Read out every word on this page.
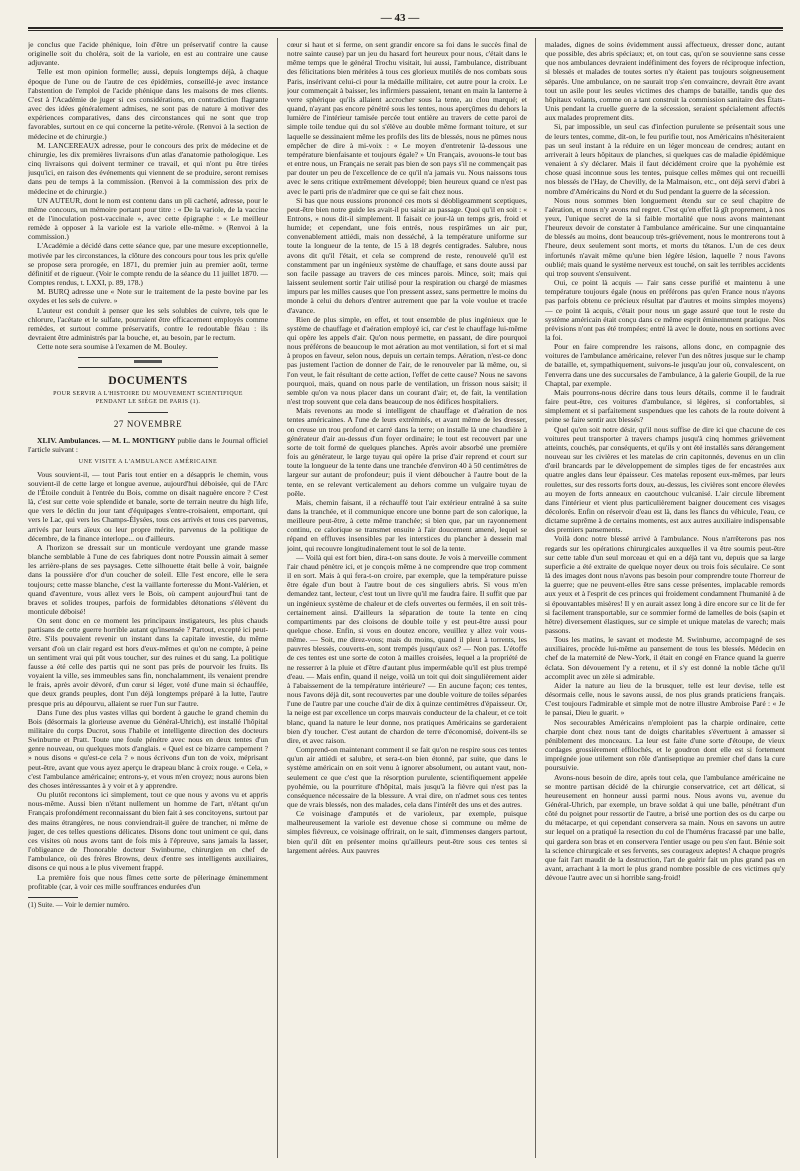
— 43 —

je conclus que l'acide phénique, loin d'être un préservatif contre la cause originelle soit du choléra, soit de la variole, en est au contraire une cause adjuvante.

Telle est mon opinion formelle; aussi, depuis longtemps déjà, à chaque époque de l'une ou de l'autre de ces épidémies, conseillé-je avec instance l'abstention de l'emploi de l'acide phénique dans les maisons de mes clients. C'est à l'Académie de juger si ces considérations, en contradiction flagrante avec des idées généralement admises, ne sont pas de nature à motiver des expériences comparatives, dans des circonstances qui ne sont que trop favorables, surtout en ce qui concerne la petite-vérole. (Renvoi à la section de médecine et de chirurgie.)

M. LANCEREAUX adresse, pour le concours des prix de médecine et de chirurgie, les dix premières livraisons d'un atlas d'anatomie pathologique. Les cinq livraisons qui doivent terminer ce travail, et qui n'ont pu être tirées jusqu'ici, en raison des événements qui viennent de se produire, seront remises dans peu de temps à la commission. (Renvoi à la commission des prix de médecine et de chirurgie.)

UN AUTEUR, dont le nom est contenu dans un pli cacheté, adresse, pour le même concours, un mémoire portant pour titre : « De la variole, de la vaccine et de l'inoculation post-vaccinale », avec cette épigraphe : « Le meilleur remède à opposer à la variole est la variole elle-même. » (Renvoi à la commission.)

L'Académie a décidé dans cette séance que, par une mesure exceptionnelle, motivée par les circonstances, la clôture des concours pour tous les prix qu'elle se propose sera prorogée, en 1871, du premier juin au premier août, terme définitif et de rigueur. (Voir le compte rendu de la séance du 11 juillet 1870. — Comptes rendus, t. LXXI, p. 89, 178.)

M. BURQ adresse une « Note sur le traitement de la peste bovine par les oxydes et les sels de cuivre. »

L'auteur est conduit à penser que les sels solubles de cuivre, tels que le chlorure, l'acétate et le sulfate, pourraient être efficacement employés comme remèdes, et surtout comme préservatifs, contre le redoutable fléau : ils devraient être administrés par la bouche, et, au besoin, par le rectum.

Cette note sera soumise à l'examen de M. Bouley.

DOCUMENTS
POUR SERVIR A L'HISTOIRE DU MOUVEMENT SCIENTIFIQUE
PENDANT LE SIÉGE DE PARIS (1).
27 NOVEMBRE

XLIV. Ambulances. — M. L. MONTIGNY publie dans le Journal officiel l'article suivant :

UNE VISITE A L'AMBULANCE AMÉRICAINE

Vous souvient-il, — tout Paris tout entier en a désappris le chemin, vous souvient-il de cette large et longue avenue, aujourd'hui déboisée, qui de l'Arc de l'Étoile conduit à l'entrée du Bois, comme on disait naguère encore ? C'est là, c'est sur cette voie splendide et banale, sorte de terrain neutre du high life, que vers le déclin du jour tant d'équipages s'entre-croisaient, emportant, qui vers le Lac, qui vers les Champs-Élysées, tous ces arrivés et tous ces parvenus, arrivés par leurs aïeux ou leur propre mérite, parvenus de la politique de décembre, de la finance interlope... ou d'ailleurs.

A l'horizon se dressait sur un monticule verdoyant une grande masse blanche semblable à l'une de ces fabriques dont notre Poussin aimait à semer les arrière-plans de ses paysages. Cette silhouette était belle à voir, baignée dans la poussière d'or d'un coucher de soleil. Elle l'est encore, elle le sera toujours; cette masse blanche, c'est la vaillante forteresse du Mont-Valérien, et quand d'aventure, vous allez vers le Bois, où campent aujourd'hui tant de braves et solides troupes, parfois de formidables détonations s'élèvent du monticule déboisé!

On sent donc en ce moment les principaux instigateurs, les plus chauds partisans de cette guerre horrible autant qu'insensée ? Partout, excepté ici peut-être. S'ils pouvaient revenir un instant dans la capitale investie, du même versant d'où un clair regard est hors d'eux-mêmes et qu'on ne compte, à peine un sentiment vrai qui pût vous toucher, sur des ruines et du sang. La politique fausse a été celle des partis qui ne sont pas près de pourvoir les fruits. Ils voyaient la ville, ses immeubles sans fin, nonchalamment, ils venaient prendre le frais, après avoir dévoré, d'un cœur si léger, voté d'une main si échauffée, que deux grands peuples, dont l'un déjà longtemps préparé à la lutte, l'autre presque pris au dépourvu, allaient se ruer l'un sur l'autre.

Dans l'une des plus vastes villas qui bordent à gauche le grand chemin du Bois (désormais la glorieuse avenue du Général-Uhrich), est installé l'hôpital militaire du corps Ducrot, sous l'habile et intelligente direction des docteurs Swinburne et Pratt. Toute une foule pénétre avec nous en deux tentes d'un genre nouveau, ou quelques mots d'anglais. « Quel est ce bizarre campement ? » nous disons « qu'est-ce cela ? » nous écrivons d'un ton de voix, méprisant peut-être, avant que vous ayez aperçu le drapeau blanc à croix rouge. « Cela, » c'est l'ambulance américaine; entrons-y, et vous m'en croyez; nous aurons bien des choses intéressantes à y voir et à y apprendre.

Ou plutôt recontons ici simplement, tout ce que nous y avons vu et appris nous-même. Aussi bien n'étant nullement un homme de l'art, n'étant qu'un Français profondément reconnaissant du bien fait à ses concitoyens, surtout par des mains étrangères, ne nous conviendrait-il guère de trancher, ni même de juger, de ces telles questions délicates. Disons donc tout uniment ce qui, dans ces visites où nous avons tant de fois mis à l'épreuve, sans jamais la lasser, l'obligeance de l'honorable docteur Swinburne, chirurgien en chef de l'ambulance, où des frères Browns, deux d'entre ses intelligents auxiliaires, disons ce qui nous a le plus vivement frappé.

La première fois que nous fîmes cette sorte de pèlerinage éminemment profitable (car, à voir ces mille souffrances endurées d'un

(1) Suite. — Voir le dernier numéro.

cœur si haut et si ferme, on sent grandir encore sa foi dans le succès final de notre sainte cause) par un jeu du hasard fort heureux pour nous, c'était dans le même temps que le général Trochu visitait, lui aussi, l'ambulance, distribuant des félicitations bien méritées à tous ces glorieux mutilés de nos combats sous Paris, insérivant celui-ci pour la médaille militaire, cet autre pour la croix. Le jour commençait à baisser, les infirmiers passaient, tenant en main la lanterne à verre sphérique qu'ils allaient accrocher sous la tente, au clou marqué; et quand, n'ayant pas encore pénétré sous les tentes, nous aperçûmes du dehors la lumière de l'intérieur tamisée percée tout entière au travers de cette paroi de simple toile tendue qui du sol s'élève au double même formant toiture, et sur laquelle se dessinaient même les profils des lits de blessés, nous ne pûmes nous empêcher de dire à mi-voix : « Le moyen d'entretenir là-dessous une température bienfaisante et toujours égale? » Un Français, avouons-le tout bas et entre nous, un Français ne serait pas bien de son pays s'il ne commençait pas par douter un peu de l'excellence de ce qu'il n'a jamais vu. Nous naissons tous avec le sens critique extrêmement développé; bien heureux quand ce n'est pas avec le parti pris de n'admirer que ce qui se fait chez nous.

Si bas que nous eussions prononcé ces mots si déobligeamment sceptiques, peut-être bien notre guide les avait-il pu saisir au passage. Quoi qu'il en soit : « Entrons, » nous dit-il simplement. Il faisait ce jour-là un temps gris, froid et humide; et cependant, une fois entrés, nous respirâmes un air pur, convenablement attiédi, mais non desséché, à la température uniforme sur toute la longueur de la tente, de 15 à 18 degrés centigrades. Salubre, nous avons dit qu'il l'était, et cela se comprend de reste, renouvelé qu'il est constamment par un ingénieux système de chauffage, et sans doute aussi par son facile passage au travers de ces minces parois. Mince, soit; mais qui laissent seulement sortir l'air utilisé pour la respiration ou chargé de miasmes impurs par les milles causes que l'on pressent assez, sans permettre le moins du monde à celui du dehors d'entrer autrement que par la voie voulue et tracée d'avance.

Rien de plus simple, en effet, et tout ensemble de plus ingénieux que le système de chauffage et d'aération employé ici, car c'est le chauffage lui-même qui opère les appels d'air. Qu'on nous permette, en passant, de dire pourquoi nous préférons de beaucoup le mot aération au mot ventilation, si fort et si mal à propos en faveur, selon nous, depuis un certain temps. Aération, n'est-ce donc pas justement l'action de donner de l'air, de le renouveler par là même, ou, si l'on veut, le fait résultant de cette action, l'effet de cette cause? Nous ne savons pourquoi, mais, quand on nous parle de ventilation, un frisson nous saisit; il semble qu'on va nous placer dans un courant d'air; et, de fait, la ventilation n'est trop souvent que cela dans beaucoup de nos édifices hospitaliers.

Mais revenons au mode si intelligent de chauffage et d'aération de nos tentes américaines. A l'une de leurs extrémités, et avant même de les dresser, on creuse un trou profond et carré dans la terre; on installe là une chaudière à générateur d'air au-dessus d'un foyer ordinaire; le tout est recouvert par une sorte de toit formé de quelques planches. Après avoir absorbé une première fois au générateur, le large tuyau qui opère la prise d'air reprend et court sur toute la longueur de la tente dans une tranchée d'environ 40 à 50 centimètres de largeur sur autant de profondeur; puis il vient déboucher à l'autre bout de la tente, en se relevant verticalement au dehors comme un vulgaire tuyau de poêle.

Mais, chemin faisant, il a réchauffé tout l'air extérieur entraîné à sa suite dans la tranchée, et il communique encore une bonne part de son calorique, la meilleure peut-être, à cette même tranchée; si bien que, par un rayonnement continu, ce calorique se transmet ensuite à l'air doucement amené, lequel se répand en effluves insensibles par les interstices du plancher à dessein mal joint, qui recouvre longitudinalement tout le sol de la tente.

— Voilà qui est fort bien, dira-t-on sans doute. Je vois à merveille comment l'air chaud pénètre ici, et je conçois même à ne comprendre que trop comment il en sort. Mais à qui fera-t-on croire, par exemple, que la température puisse être égale d'un bout à l'autre bout de ces singuliers abris. Si vous m'en demandez tant, lecteur, c'est tout un livre qu'il me faudra faire. Il suffit que par un ingénieux système de chaleur et de clefs ouvertes ou fermées, il en soit très-certainement ainsi. D'ailleurs la séparation de toute la tente en cinq compartiments par des cloisons de double toile y est peut-être aussi pour quelque chose. Enfin, si vous en doutez encore, veuillez y allez voir vous-même. — Soit, me direz-vous; mais du moins, quand il pleut à torrents, les pauvres blessés, couverts-en, sont trempés jusqu'aux os? — Non pas. L'étoffe de ces tentes est une sorte de coton à mailles croisées, lequel a la propriété de ne resserrer à la pluie et d'être d'autant plus imperméable qu'il est plus trempé d'eau. — Mais enfin, quand il neige, voilà un toit qui doit singulièrement aider à l'abaissement de la température intérieure? — En aucune façon; ces tentes, nous l'avons déjà dit, sont recouvertes par une double voiture de toiles séparées l'une de l'autre par une couche d'air de dix à quinze centimètres d'épaisseur. Or, la neige est par excellence un corps mauvais conducteur de la chaleur, et ce toit blanc, quand la nature le leur donne, nos pratiques Américains se garderaient bien d'y toucher. C'est autant de chardon de terre d'économisé, doivent-ils se dire, et avec raison.

Comprend-on maintenant comment il se fait qu'on ne respire sous ces tentes qu'un air attiédi et salubre, et sera-t-on bien étonné, par suite, que dans le système américain on en soit venu à ignorer absolument, ou autant vaut, non-seulement ce que c'est que la résorption purulente, scientifiquement appelée pyohémie, ou la pourriture d'hôpital, mais jusqu'à la fièvre qui n'est pas la conséquence nécessaire de la blessure. A vrai dire, on n'admet sous ces tentes que de vrais blessés, non des malades, cela dans l'intérêt des uns et des autres.

Ce voisinage d'amputés et de varioleux, par exemple, puisque malheureusement la variole est devenue chose si commune ou même de simples fiévreux, ce voisinage offrirait, on le sait, d'immenses dangers partout, bien qu'il dût en présenter moins qu'ailleurs peut-être sous ces tentes si largement aérées. Aux pauvres

malades, dignes de soins évidemment aussi affectueux, dresser donc, autant que possible, des abris spéciaux; et, on tout cas, qu'on se souvienne sans cesse que nos ambulances devraient indéfiniment des foyers de réciproque infection, si blessés et malades de toutes sortes n'y étaient pas toujours soigneusement séparés. Une ambulance, on ne saurait trop s'en convaincre, devrait être avant tout un asile pour les seules victimes des champs de bataille, tandis que des hôpitaux volants, comme on a tant construit la commission sanitaire des États-Unis pendant la cruelle guerre de la sécession, seraient spécialement affectés aux malades proprement dits.

Si, par impossible, un seul cas d'infection purulente se présentait sous une de leurs tentes, comme, dit-on, le feu purifie tout, nos Américains n'hésiteraient pas un seul instant à la réduire en un léger monceau de cendres; autant en arriverait à leurs hôpitaux de planches, si quelques cas de maladie épidémique venaient à s'y déclarer. Mais il faut décidément croire que la pyohémie est chose quasi inconnue sous les tentes, puisque celles mêmes qui ont recueilli nos blessés de l'Hay, de Chevilly, de la Malmaison, etc., ont déjà servi d'abri à nombre d'Américains du Nord et du Sud pendant la guerre de la sécession.

Nous nous sommes bien longuement étendu sur ce seul chapitre de l'aération, et nous n'y avons nul regret. C'est qu'en effet là gît proprement, à nos yeux, l'unique secret de la si faible mortalité que nous avons maintenant l'heureux devoir de constater à l'ambulance américaine. Sur une cinquantaine de blessés au moins, dont beaucoup très-grièvement, nous le montrerons tout à l'heure, deux seulement sont morts, et morts du tétanos. L'un de ces deux infortunés n'avait même qu'une bien légère lésion, laquelle ? nous l'avons oublié; mais quand le système nerveux est touché, on sait les terribles accidents qui trop souvent s'ensuivent.

Oui, ce point là acquis — l'air sans cesse purifié et maintenu à une température toujours égale (nous en préférons pas qu'en France nous n'ayons pas parfois obtenu ce précieux résultat par d'autres et moins simples moyens) — ce point là acquis, c'était pour nous un gage assuré que tout le reste du système américain était conçu dans ce même esprit éminemment pratique. Nos prévisions n'ont pas été trompées; entré là avec le doute, nous en sortions avec la foi.

Pour en faire comprendre les raisons, allons donc, en compagnie des voitures de l'ambulance américaine, relever l'un des nôtres jusque sur le champ de bataille, et, sympathiquement, suivons-le jusqu'au jour où, convalescent, on l'enverra dans une des succursales de l'ambulance, à la galerie Goupil, de la rue Chaptal, par exemple.

Mais pourrons-nous décrire dans tous leurs détails, comme il le faudrait faire peut-être, ces voitures d'ambulance, si légères, si confortables, si simplement et si parfaitement suspendues que les cahots de la route doivent à peine se faire sentir aux blessés?

Quel qu'en soit notre désir, qu'il nous suffise de dire ici que chacune de ces voitures peut transporter à travers champs jusqu'à cinq hommes grièvement atteints, couchés, par conséquents, et qu'ils y ont été installés sans dérangement nouveau sur les civières et les matelas de crin capitonnés, devenus en un clin d'œil brancards par le développement de simples tiges de fer encastrées aux quatre angles dans leur épaisseur. Ces matelas reposent eux-mêmes, par leurs roulettes, sur des ressorts forts doux, au-dessus, les civières sont encore élevées au moyen de forts anneaux en caoutchouc vulcanisé. L'air circule librement dans l'intérieur et vient plus particulièrement baigner doucement ces visages décolorés. Enfin on réservoir d'eau est là, dans les flancs du véhicule, l'eau, ce dictame suprême à de certains moments, est aux autres auxiliaire indispensable des premiers pansements.

Voilà donc notre blessé arrivé à l'ambulance. Nous n'arrêterons pas nos regards sur les opérations chirurgicales auxquelles il va être soumis peut-être sur cette table d'un seul morceau et qui en a déjà tant vu, depuis que sa large superficie a été extraite de quelque noyer deux ou trois fois séculaire. Ce sont là des images dont nous n'avons pas besoin pour comprendre toute l'horreur de la guerre; que ne peuvent-elles être sans cesse présentes, implacable remords aux yeux et à l'esprit de ces princes qui froidement condamnent l'humanité à de si épouvantables misères! Il y en aurait assez long à dire encore sur ce lit de fer si facilement transportable, sur ce sommier formé de lamelles de bois (sapin et hêtre) diversement élastiques, sur ce simple et unique matelas de varech; mais passons.

Tous les matins, le savant et modeste M. Swinburne, accompagné de ses auxiliaires, procède lui-même au pansement de tous les blessés. Médecin en chef de la maternité de New-York, il était en congé en France quand la guerre éclata. Son dévouement l'y a retenu, et il s'y est donné la noble tâche qu'il accomplit avec un zèle si admirable.

Aider la nature au lieu de la brusquer, telle est leur devise, telle est désormais celle, nous le savons aussi, de nos plus grands praticiens français. C'est toujours l'admirable et simple mot de notre illustre Ambroise Paré : « Je le pansai, Dieu le guarit. »

Nos secourables Américains n'emploient pas la charpie ordinaire, cette charpie dont chez nous tant de doigts charitables s'évertuent à amasser si péniblement des monceaux. La leur est faite d'une sorte d'étoupe, de vieux cordages grossièrement effilochés, et le goudron dont elle est si fortement imprégnée joue utilement son rôle d'antiseptique au premier chef dans la cure poursuivie.

Avons-nous besoin de dire, après tout cela, que l'ambulance américaine ne se montre partisan décidé de la chirurgie conservatrice, cet art délicat, si heureusement en honneur aussi parmi nous. Nous avons vu, avenue du Général-Uhrich, par exemple, un brave soldat à qui une balle, pénétrant d'un côté du poignet pour ressortir de l'autre, a brisé une portion des os du carpe ou du métacarpe, et qui cependant conservera sa main. Nous en savons un autre sur lequel on a pratiqué la resection du col de l'humérus fracassé par une balle, qui gardera son bras et en conservera l'entier usage ou peu s'en faut. Bénie soit la science chirurgicale et ses fervents, ses courageux adeptes! A chaque progrès que fait l'art maudit de la destruction, l'art de guérir fait un plus grand pas en avant, arrachant à la mort le plus grand nombre possible de ces victimes qu'y dévoue l'autre avec un si horrible sang-froid!
